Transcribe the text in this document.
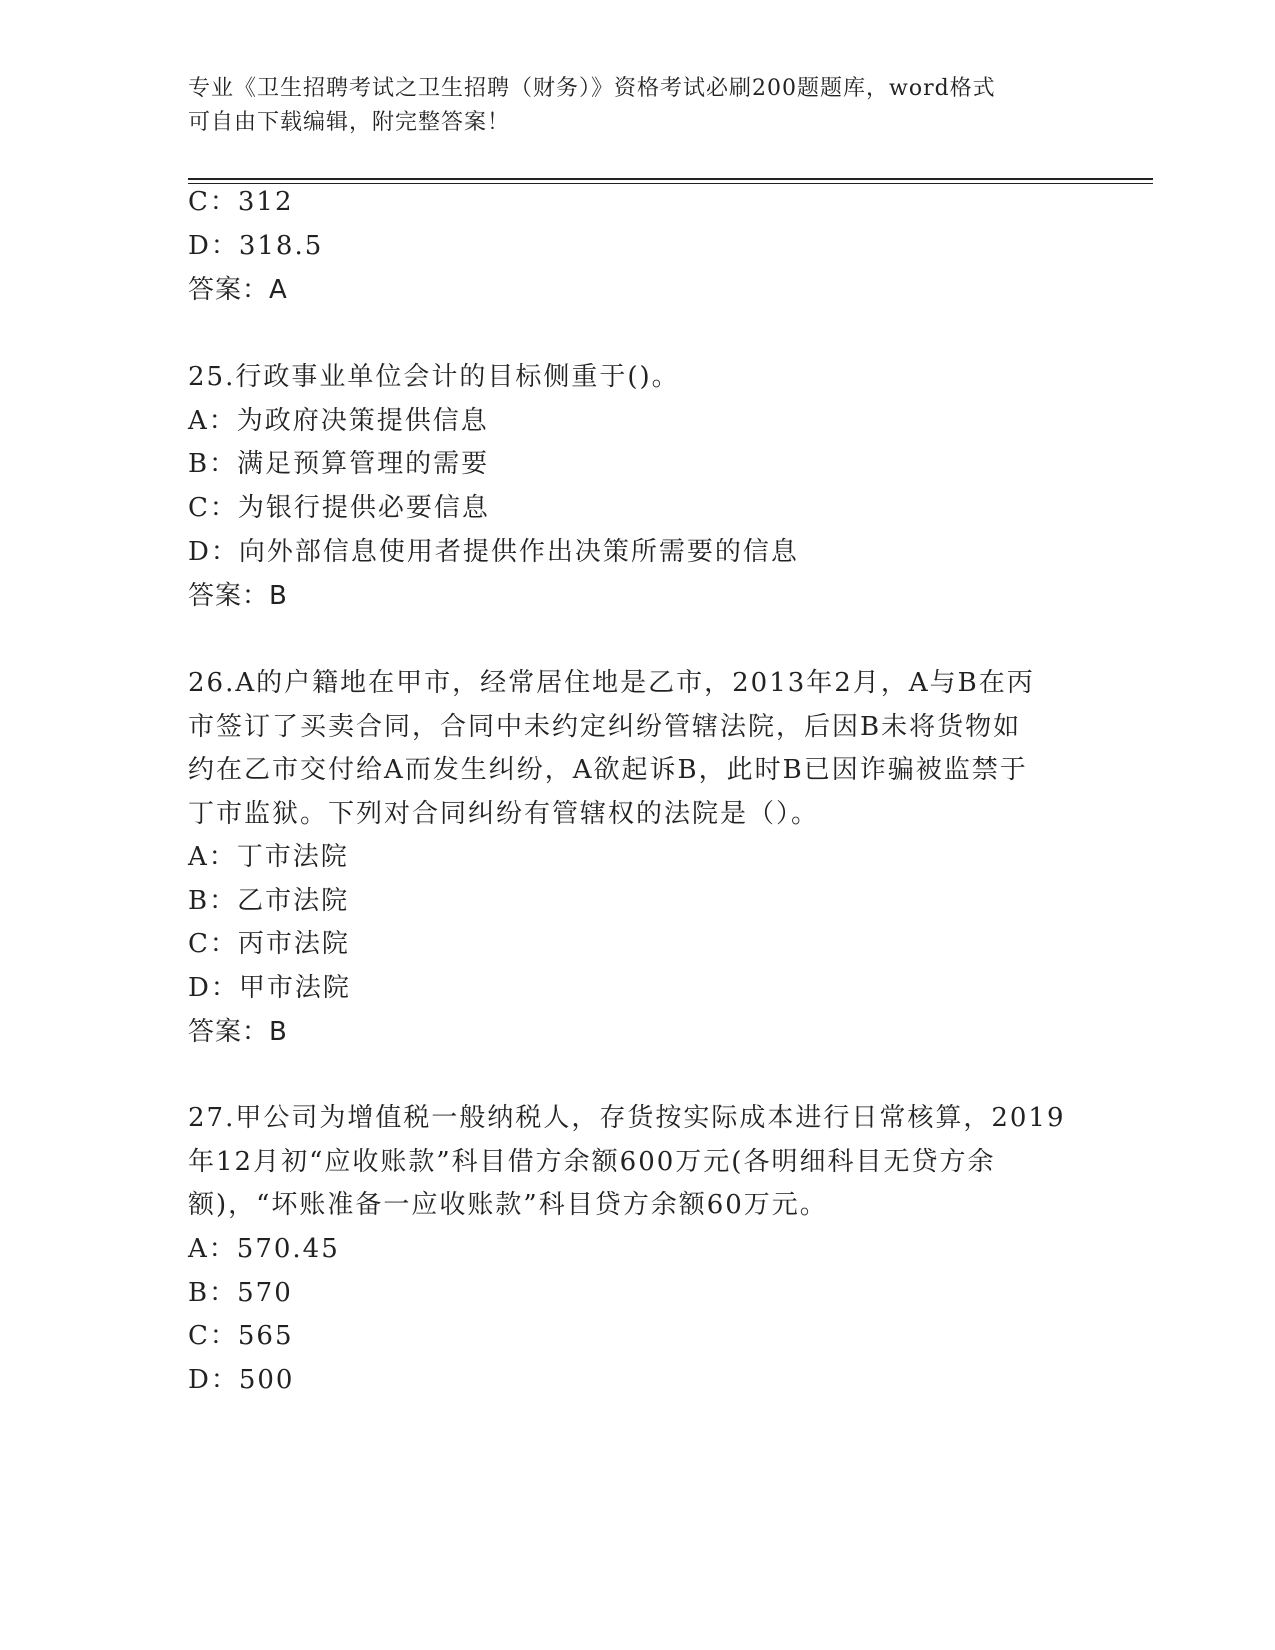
专业《卫生招聘考试之卫生招聘（财务）》资格考试必刷200题题库，word格式
可自由下载编辑，附完整答案！
C：312
D：318.5
答案：A
25.行政事业单位会计的目标侧重于()。
A：为政府决策提供信息
B：满足预算管理的需要
C：为银行提供必要信息
D：向外部信息使用者提供作出决策所需要的信息
答案：B
26.A的户籍地在甲市，经常居住地是乙市，2013年2月，A与B在丙
市签订了买卖合同，合同中未约定纠纷管辖法院，后因B未将货物如
约在乙市交付给A而发生纠纷，A欲起诉B，此时B已因诈骗被监禁于
丁市监狱。下列对合同纠纷有管辖权的法院是（）。
A：丁市法院
B：乙市法院
C：丙市法院
D：甲市法院
答案：B
27.甲公司为增值税一般纳税人，存货按实际成本进行日常核算，2019
年12月初“应收账款”科目借方余额600万元(各明细科目无贷方余
额)，“坏账准备一应收账款”科目贷方余额60万元。
A：570.45
B：570
C：565
D：500
